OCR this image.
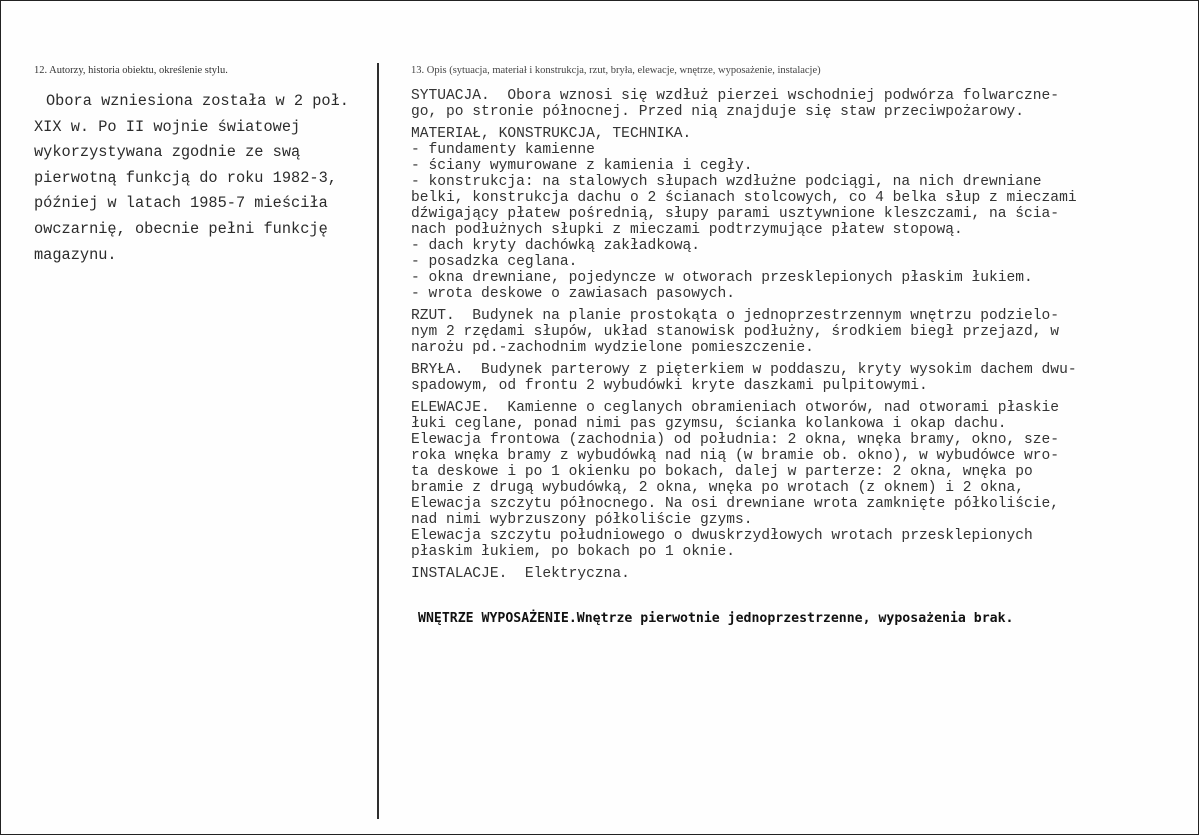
12. Autorzy, historia obiektu, określenie stylu.	13. Opis (sytuacja, materiał i konstrukcja, rzut, bryła, elewacje, wnętrze, wyposażenie, instalacje)
Obora wzniesiona została w 2 poł.
XIX w. Po II wojnie światowej
wykorzystywana zgodnie ze swą
pierwotną funkcją do roku 1982-3,
później w latach 1985-7 mieściła
owczarnię, obecnie pełni funkcję
magazynu.
SYTUACJA.  Obora wznosi się wzdłuż pierzei wschodniej podwórza folwarczne-
go, po stronie północnej. Przed nią znajduje się staw przeciwpożarowy.
MATERIAŁ, KONSTRUKCJA, TECHNIKA.
- fundamenty kamienne
- ściany wymurowane z kamienia i cegły.
- konstrukcja: na stalowych słupach wzdłużne podciągi, na nich drewniane
belki, konstrukcja dachu o 2 ścianach stolcowych, co 4 belka słup z mieczami
dźwigający płatew pośrednią, słupy parami usztywnione kleszczami, na ścia-
nach podłużnych słupki z mieczami podtrzymujące płatew stopową.
- dach kryty dachówką zakładkową.
- posadzka ceglana.
- okna drewniane, pojedyncze w otworach przesklepionych płaskim łukiem.
- wrota deskowe o zawiasach pasowych.
RZUT.  Budynek na planie prostokąta o jednoprzestrzennym wnętrzu podzielo-
nym 2 rzędami słupów, układ stanowisk podłużny, środkiem biegł przejazd, w
narożu pd.-zachodnim wydzielone pomieszczenie.
BRYŁA.  Budynek parterowy z pięterkiem w poddaszu, kryty wysokim dachem dwu-
spadowym, od frontu 2 wybudówki kryte daszkami pulpitowymi.
ELEWACJE.  Kamienne o ceglanych obramieniach otworów, nad otworami płaskie
łuki ceglane, ponad nimi pas gzymsu, ścianka kolankowa i okap dachu.
Elewacja frontowa (zachodnia) od południa: 2 okna, wnęka bramy, okno, sze-
roka wnęka bramy z wybudówką nad nią (w bramie ob. okno), w wybudówce wro-
ta deskowe i po 1 okienku po bokach, dalej w parterze: 2 okna, wnęka po
bramie z drugą wybudówką, 2 okna, wnęka po wrotach (z oknem) i 2 okna,
Elewacja szczytu północnego. Na osi drewniane wrota zamknięte półkoliście,
nad nimi wybrzuszony półkoliście gzyms.
Elewacja szczytu południowego o dwuskrzydłowych wrotach przesklepionych
płaskim łukiem, po bokach po 1 oknie.
INSTALACJE.  Elektryczna.
WNĘTRZE WYPOSAŻENIE.Wnętrze pierwotnie jednoprzestrzenne, wyposażenia brak.
